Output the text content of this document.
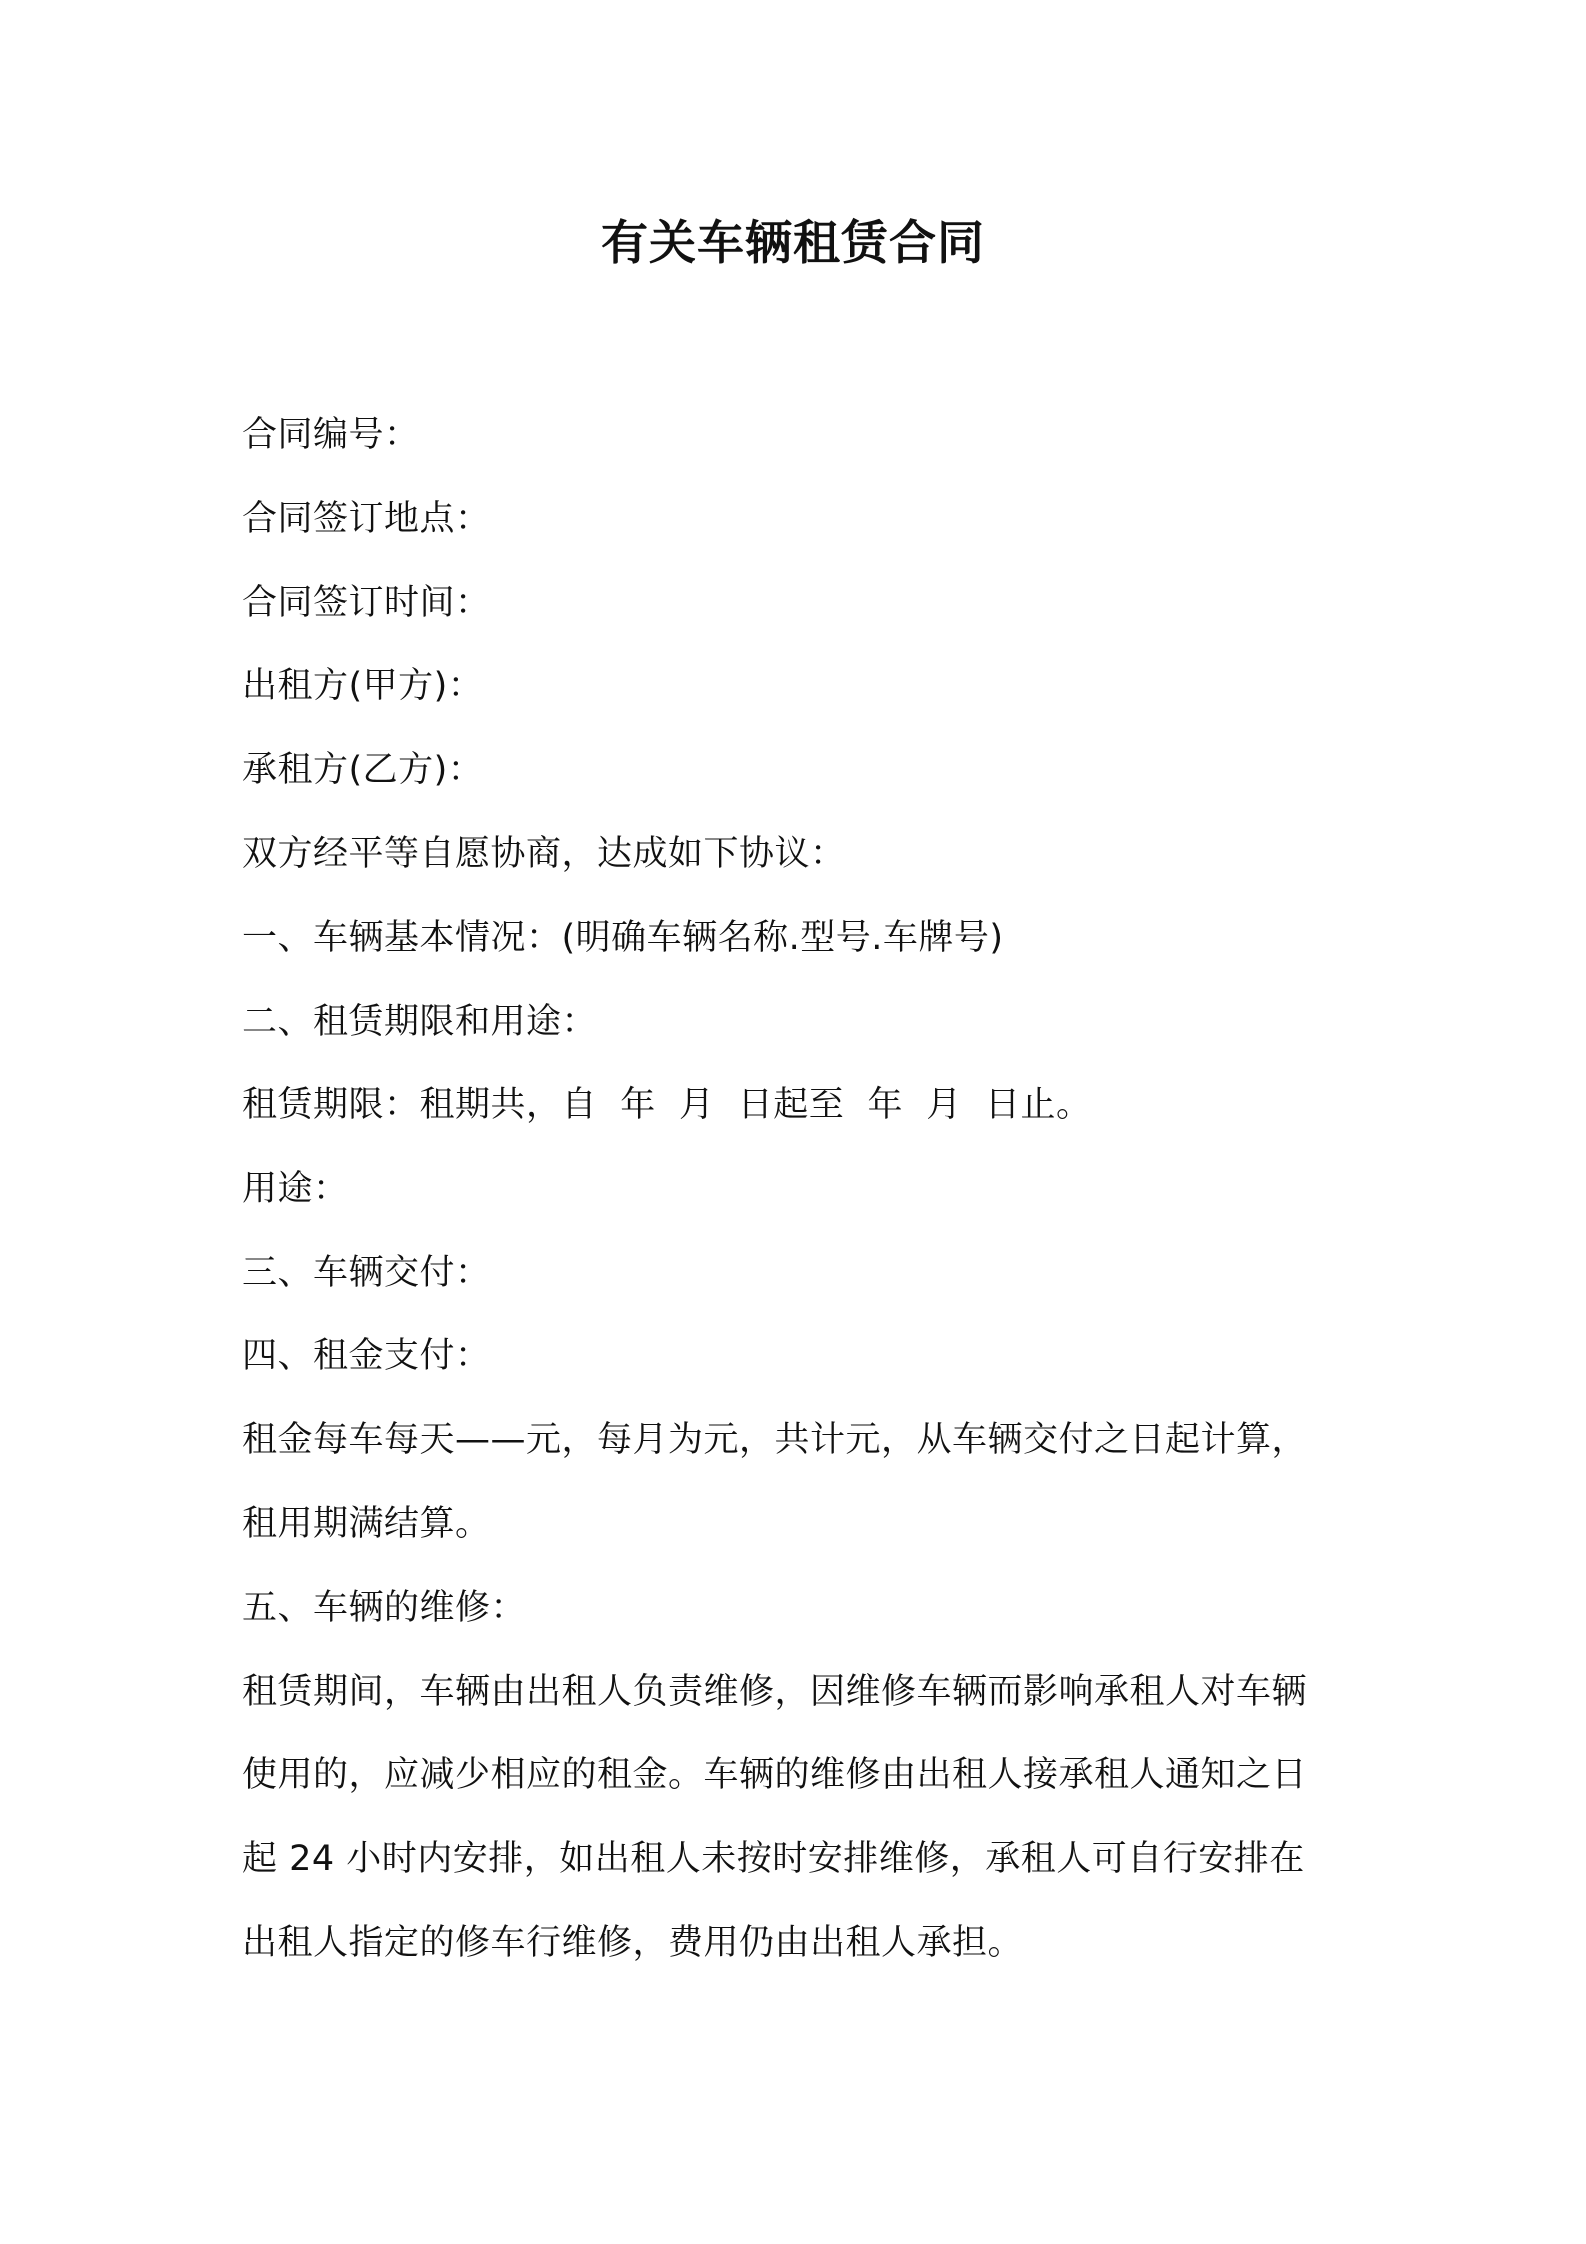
有关车辆租赁合同
合同编号：
合同签订地点：
合同签订时间：
出租方(甲方)：
承租方(乙方)：
双方经平等自愿协商，达成如下协议：
一、车辆基本情况：(明确车辆名称.型号.车牌号)
二、租赁期限和用途：
租赁期限：租期共，自  年  月  日起至  年  月  日止。
用途：
三、车辆交付：
四、租金支付：
租金每车每天——元，每月为元，共计元，从车辆交付之日起计算，
租用期满结算。
五、车辆的维修：
租赁期间，车辆由出租人负责维修，因维修车辆而影响承租人对车辆
使用的，应减少相应的租金。车辆的维修由出租人接承租人通知之日
起 24 小时内安排，如出租人未按时安排维修，承租人可自行安排在
出租人指定的修车行维修，费用仍由出租人承担。
